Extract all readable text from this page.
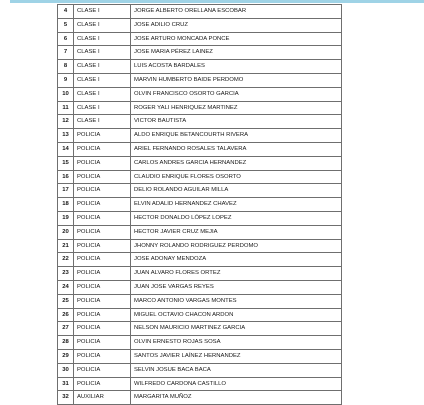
4	CLASE I	JORGE ALBERTO ORELLANA ESCOBAR
5	CLASE I	JOSE ADILIO CRUZ
6	CLASE I	JOSE ARTURO MONCADA PONCE
7	CLASE I	JOSE MARIA PÉREZ LAINEZ
8	CLASE I	LUIS ACOSTA BARDALES
9	CLASE I	MARVIN HUMBERTO BAIDE PERDOMO
10	CLASE I	OLVIN FRANCISCO OSORTO GARCIA
11	CLASE I	ROGER YALI HENRIQUEZ MARTINEZ
12	CLASE I	VICTOR BAUTISTA
13	POLICIA	ALDO ENRIQUE BETANCOURTH RIVERA
14	POLICIA	ARIEL FERNANDO ROSALES TALAVERA
15	POLICIA	CARLOS ANDRES GARCIA HERNANDEZ
16	POLICIA	CLAUDIO ENRIQUE FLORES OSORTO
17	POLICIA	DELIO ROLANDO AGUILAR MILLA
18	POLICIA	ELVIN ADALID HERNANDEZ CHAVEZ
19	POLICIA	HECTOR DONALDO LÓPEZ LOPEZ
20	POLICIA	HECTOR JAVIER CRUZ MEJIA
21	POLICIA	JHONNY ROLANDO RODRIGUEZ PERDOMO
22	POLICIA	JOSE ADONAY MENDOZA
23	POLICIA	JUAN ALVARO FLORES ORTEZ
24	POLICIA	JUAN JOSE VARGAS REYES
25	POLICIA	MARCO ANTONIO VARGAS MONTES
26	POLICIA	MIGUEL OCTAVIO CHACON ARDON
27	POLICIA	NELSON MAURICIO MARTINEZ GARCIA
28	POLICIA	OLVIN ERNESTO ROJAS SOSA
29	POLICIA	SANTOS JAVIER LAÍNEZ HERNANDEZ
30	POLICIA	SELVIN JOSUE BACA BACA
31	POLICIA	WILFREDO CARDONA CASTILLO
32	AUXILIAR	MARGARITA MUÑOZ
